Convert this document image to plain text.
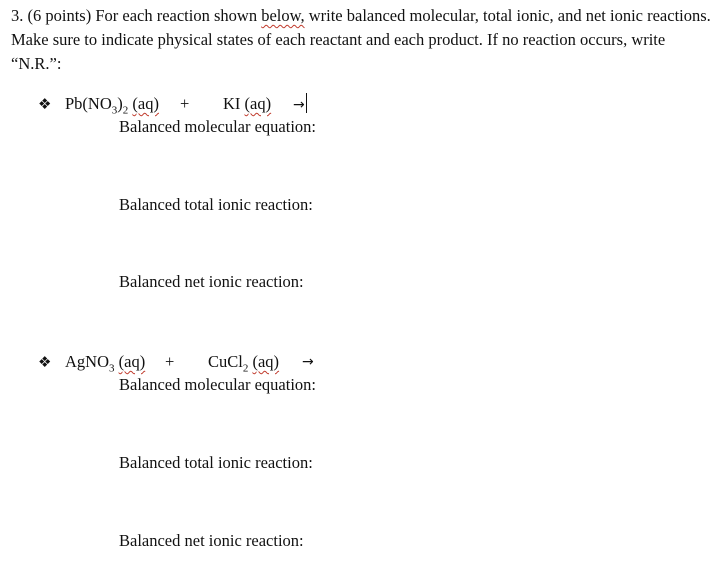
3. (6 points) For each reaction shown below, write balanced molecular, total ionic, and net ionic reactions. Make sure to indicate physical states of each reactant and each product. If no reaction occurs, write “N.R.”:

❖ $Pb(NO_3)_2$ (aq) + KI (aq) →
Balanced molecular equation:
Balanced total ionic reaction:
Balanced net ionic reaction:
❖ AgNO$_3$ (aq) + CuCl$_2$ (aq) →
Balanced molecular equation:
Balanced total ionic reaction:
Balanced net ionic reaction:
